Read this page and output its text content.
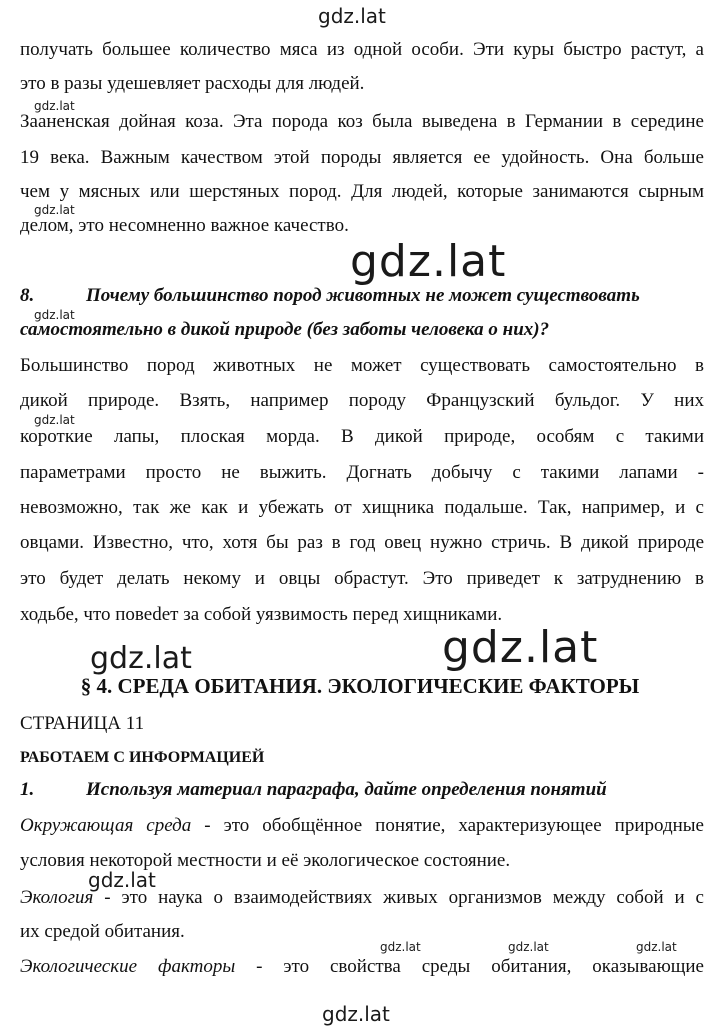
gdz.lat
gdz.lat
gdz.lat
gdz.lat
gdz.lat
gdz.lat
gdz.lat	gdz.lat
gdz.lat
gdz.lat	gdz.lat	gdz.lat
gdz.lat
получать большее количество мяса из одной особи. Эти куры быстро растут, а
это в разы удешевляет расходы для людей.
Зааненская дойная коза. Эта порода коз была выведена в Германии в середине
19 века. Важным качеством этой породы является ее удойность. Она больше
чем у мясных или шерстяных пород. Для людей, которые занимаются сырным
делом, это несомненно важное качество.
8.	Почему большинство пород животных не может существовать
самостоятельно в дикой природе (без заботы человека о них)?
Большинство пород животных не может существовать самостоятельно в
дикой природе. Взять, например породу Французский бульдог. У них
короткие лапы, плоская морда. В дикой природе, особям с такими
параметрами просто не выжить. Догнать добычу с такими лапами -
невозможно, так же как и убежать от хищника подальше. Так, например, и с
овцами. Известно, что, хотя бы раз в год овец нужно стричь. В дикой природе
это будет делать некому и овцы обрастут. Это приведет к затруднению в
ходьбе, что повеdет за собой уязвимость перед хищниками.
§ 4. СРЕДА ОБИТАНИЯ. ЭКОЛОГИЧЕСКИЕ ФАКТОРЫ
СТРАНИЦА 11
РАБОТАЕМ С ИНФОРМАЦИЕЙ
1.	Используя материал параграфа, дайте определения понятий
Окружающая среда - это обобщённое понятие, характеризующее природные
условия некоторой местности и её экологическое состояние.
Экология - это наука о взаимодействиях живых организмов между собой и с
их средой обитания.
Экологические факторы - это свойства среды обитания, оказывающие
